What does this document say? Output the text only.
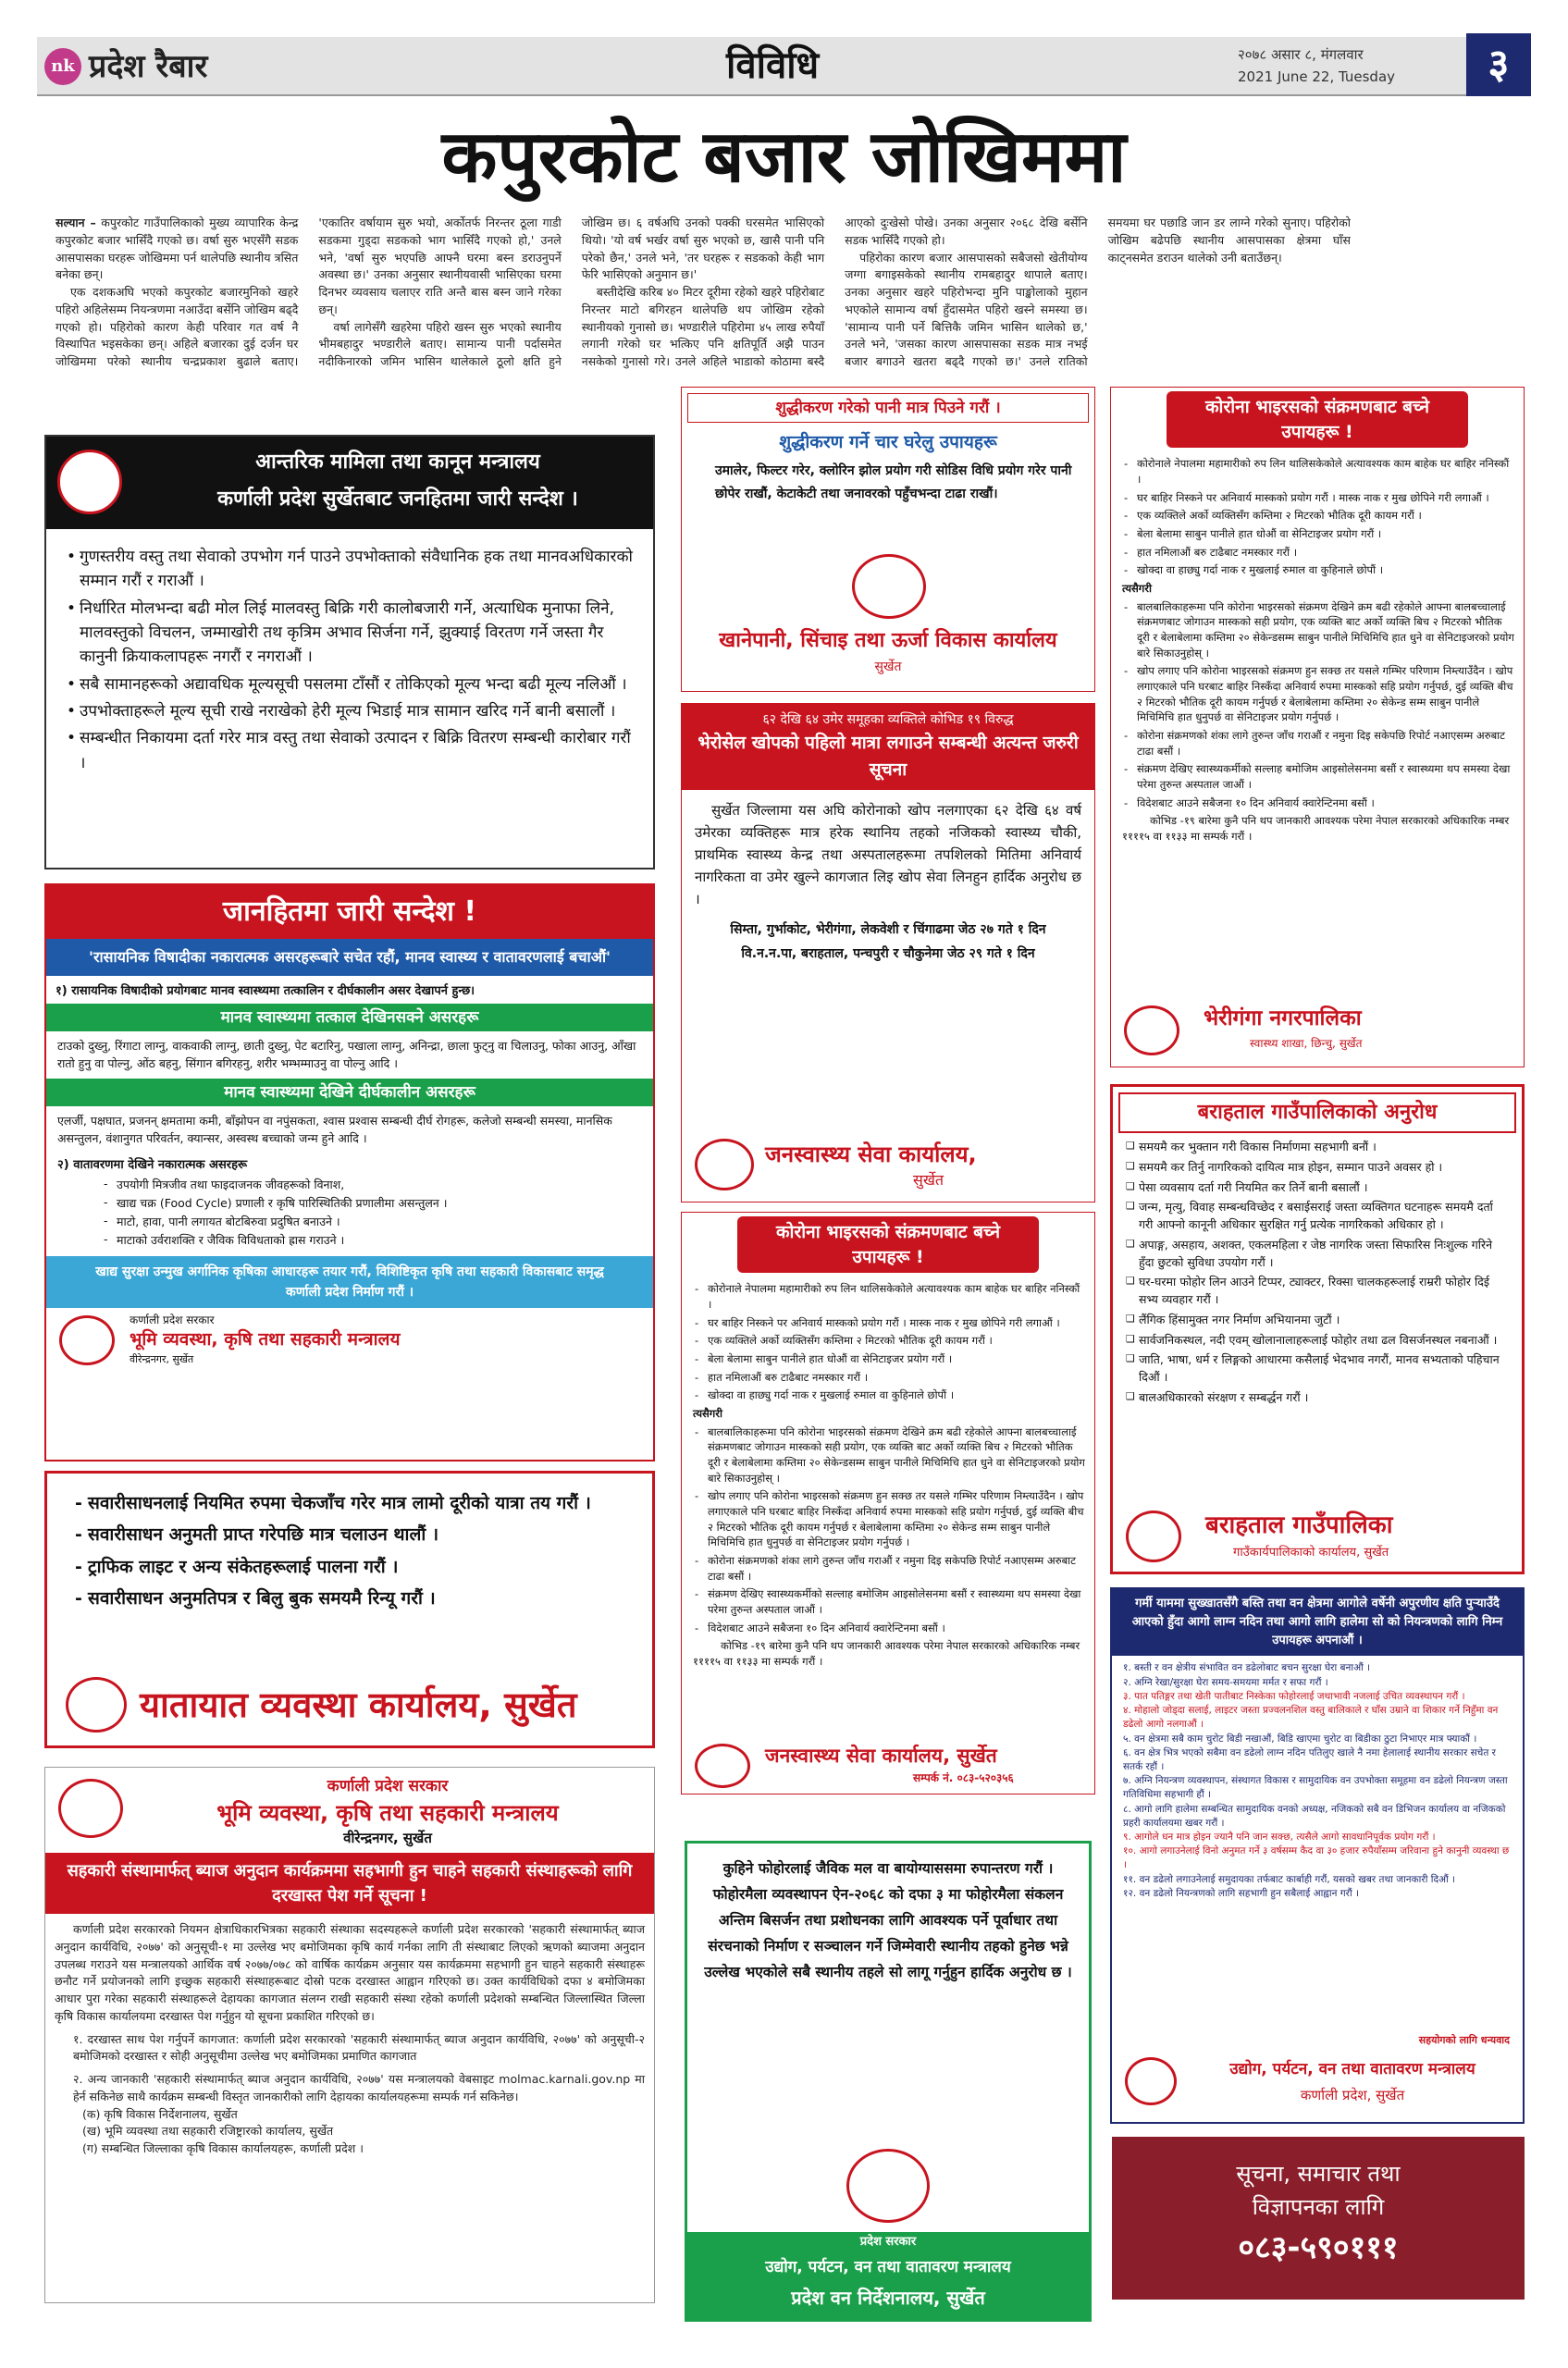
nk प्रदेश रैबार	विविधि	२०७८ असार ८, मंगलवार
2021 June 22, Tuesday	३
कपुरकोट बजार जोखिममा

सल्यान – कपुरकोट गाउँपालिकाको मुख्य व्यापारिक केन्द्र कपुरकोट बजार भासिँदै गएको छ। वर्षा सुरु भएसँगै सडक आसपासका घरहरू जोखिममा पर्न थालेपछि स्थानीय त्रसित बनेका छन्।

एक दशकअघि भएको कपुरकोट बजारमुनिको खहरे पहिरो अहिलेसम्म नियन्त्रणमा नआउँदा बर्सेनि जोखिम बढ्दै गएको हो। पहिरोको कारण केही परिवार गत वर्ष नै विस्थापित भइसकेका छन्। अहिले बजारका दुई दर्जन घर जोखिममा परेको स्थानीय चन्द्रप्रकाश बुढाले बताए। 'एकातिर वर्षायाम सुरु भयो, अर्कोतर्फ निरन्तर ठूला गाडी सडकमा गुड्दा सडकको भाग भासिँदै गएको हो,' उनले भने, 'वर्षा सुरु भएपछि आफ्नै घरमा बस्न डराउनुपर्ने अवस्था छ।' उनका अनुसार स्थानीयवासी भासिएका घरमा दिनभर व्यवसाय चलाएर राति अन्तै बास बस्न जाने गरेका छन्।

वर्षा लागेसँगै खहरेमा पहिरो खस्न सुरु भएको स्थानीय भीमबहादुर भण्डारीले बताए। सामान्य पानी पर्दासमेत नदीकिनारको जमिन भासिन थालेकाले ठूलो क्षति हुने जोखिम छ। ६ वर्षअघि उनको पक्की घरसमेत भासिएको थियो। 'यो वर्ष भर्खर वर्षा सुरु भएको छ, खासै पानी पनि परेको छैन,' उनले भने, 'तर घरहरू र सडकको केही भाग फेरि भासिएको अनुमान छ।'

बस्तीदेखि करिब ४० मिटर दूरीमा रहेको खहरे पहिरोबाट निरन्तर माटो बगिरहन थालेपछि थप जोखिम रहेको स्थानीयको गुनासो छ। भण्डारीले पहिरोमा ४५ लाख रुपैयाँ लगानी गरेको घर भत्किए पनि क्षतिपूर्ति अझै पाउन नसकेको गुनासो गरे। उनले अहिले भाडाको कोठामा बस्दै आएको दुःखेसो पोखे। उनका अनुसार २०६८ देखि बर्सेनि सडक भासिँदै गएको हो।

पहिरोका कारण बजार आसपासको सबैजसो खेतीयोग्य जग्गा बगाइसकेको स्थानीय रामबहादुर थापाले बताए। उनका अनुसार खहरे पहिरोभन्दा मुनि पाङ्खोलाको मुहान भएकोले सामान्य वर्षा हुँदासमेत पहिरो खस्ने समस्या छ। 'सामान्य पानी पर्ने बित्तिकै जमिन भासिन थालेको छ,' उनले भने, 'जसका कारण आसपासका सडक मात्र नभई बजार बगाउने खतरा बढ्दै गएको छ।' उनले रातिको समयमा घर पछाडि जान डर लाग्ने गरेको सुनाए। पहिरोको जोखिम बढेपछि स्थानीय आसपासका क्षेत्रमा घाँस काट्नसमेत डराउन थालेको उनी बताउँछन्।

आन्तरिक मामिला तथा कानून मन्त्रालय
कर्णाली प्रदेश सुर्खेतबाट जनहितमा जारी सन्देश ।
• गुणस्तरीय वस्तु तथा सेवाको उपभोग गर्न पाउने उपभोक्ताको संवैधानिक हक तथा मानवअधिकारको सम्मान गरौं र गराऔं ।
• निर्धारित मोलभन्दा बढी मोल लिई मालवस्तु बिक्रि गरी कालोबजारी गर्ने, अत्याधिक मुनाफा लिने, मालवस्तुको विचलन, जम्माखोरी तथ कृत्रिम अभाव सिर्जना गर्ने, झुक्याई विरतण गर्ने जस्ता गैर कानुनी क्रियाकलापहरू नगरौं र नगराऔं ।
• सबै सामानहरूको अद्यावधिक मूल्यसूची पसलमा टाँसौं र तोकिएको मूल्य भन्दा बढी मूल्य नलिऔं ।
• उपभोक्ताहरूले मूल्य सूची राखे नराखेको हेरी मूल्य भिडाई मात्र सामान खरिद गर्ने बानी बसालौं ।
• सम्बन्धीत निकायमा दर्ता गरेर मात्र वस्तु तथा सेवाको उत्पादन र बिक्रि वितरण सम्बन्धी कारोबार गरौं ।
जानहितमा जारी सन्देश !
'रासायनिक विषादीका नकारात्मक असरहरूबारे सचेत रहौं, मानव स्वास्थ्य र वातावरणलाई बचाऔं'
१) रासायनिक विषादीको प्रयोगबाट मानव स्वास्थ्यमा तत्कालिन र दीर्घकालीन असर देखापर्न हुन्छ।
मानव स्वास्थ्यमा तत्काल देखिनसक्ने असरहरू
टाउको दुख्नु, रिंगाटा लाग्नु, वाकवाकी लाग्नु, छाती दुख्नु, पेट बटारिनु, पखाला लाग्नु, अनिन्द्रा, छाला फुट्नु वा चिलाउनु, फोका आउनु, आँखा रातो हुनु वा पोल्नु, ओंठ बहनु, सिंगान बगिरहनु, शरीर भम्भम्माउनु वा पोल्नु आदि ।
मानव स्वास्थ्यमा देखिने दीर्घकालीन असरहरू
एलर्जी, पक्षघात, प्रजनन् क्षमतामा कमी, बाँझोपन वा नपुंसकता, श्वास प्रश्वास सम्बन्धी दीर्घ रोगहरू, कलेजो सम्बन्धी समस्या, मानसिक असन्तुलन, वंशानुगत परिवर्तन, क्यान्सर, अस्वस्थ बच्चाको जन्म हुने आदि ।
२) वातावरणमा देखिने नकारात्मक असरहरू
- उपयोगी मित्रजीव तथा फाइदाजनक जीवहरूको विनाश,
- खाद्य चक्र (Food Cycle) प्रणाली र कृषि पारिस्थितिकी प्रणालीमा असन्तुलन ।
- माटो, हावा, पानी लगायत बोटबिरुवा प्रदुषित बनाउने ।
- माटाको उर्वराशक्ति र जैविक विविधताको ह्रास गराउने ।
खाद्य सुरक्षा उन्मुख अर्गानिक कृषिका आधारहरू तयार गरौं, विशिष्टिकृत कृषि तथा सहकारी विकासबाट समृद्ध कर्णाली प्रदेश निर्माण गरौं ।
कर्णाली प्रदेश सरकार
भूमि व्यवस्था, कृषि तथा सहकारी मन्त्रालय
वीरेन्द्रनगर, सुर्खेत
- सवारीसाधनलाई नियमित रुपमा चेकजाँच गरेर मात्र लामो दूरीको यात्रा तय गरौं ।
- सवारीसाधन अनुमती प्राप्त गरेपछि मात्र चलाउन थालौं ।
- ट्राफिक लाइट र अन्य संकेतहरूलाई पालना गरौं ।
- सवारीसाधन अनुमतिपत्र र बिलु बुक समयमै रिन्यू गरौं ।
यातायात व्यवस्था कार्यालय, सुर्खेत
कर्णाली प्रदेश सरकार
भूमि व्यवस्था, कृषि तथा सहकारी मन्त्रालय
वीरेन्द्रनगर, सुर्खेत
सहकारी संस्थामार्फत् ब्याज अनुदान कार्यक्रममा सहभागी हुन चाहने सहकारी संस्थाहरूको लागि दरखास्त पेश गर्ने सूचना !

कर्णाली प्रदेश सरकारको नियमन क्षेत्राधिकारभित्रका सहकारी संस्थाका सदस्यहरूले कर्णाली प्रदेश सरकारको 'सहकारी संस्थामार्फत् ब्याज अनुदान कार्यविधि, २०७७' को अनुसूची-१ मा उल्लेख भए बमोजिमका कृषि कार्य गर्नका लागि ती संस्थाबाट लिएको ऋणको ब्याजमा अनुदान उपलब्ध गराउने यस मन्त्रालयको आर्थिक वर्ष २०७७/०७८ को वार्षिक कार्यक्रम अनुसार यस कार्यक्रममा सहभागी हुन चाहने सहकारी संस्थाहरू छनौट गर्ने प्रयोजनको लागि इच्छुक सहकारी संस्थाहरूबाट दोस्रो पटक दरखास्त आह्वान गरिएको छ। उक्त कार्यविधिको दफा ४ बमोजिमका आधार पुरा गरेका सहकारी संस्थाहरूले देहायका कागजात संलग्न राखी सहकारी संस्था रहेको कर्णाली प्रदेशको सम्बन्धित जिल्लास्थित जिल्ला कृषि विकास कार्यालयमा दरखास्त पेश गर्नुहुन यो सूचना प्रकाशित गरिएको छ।

१. दरखास्त साथ पेश गर्नुपर्ने कागजात: कर्णाली प्रदेश सरकारको 'सहकारी संस्थामार्फत् ब्याज अनुदान कार्यविधि, २०७७' को अनुसूची-२ बमोजिमको दरखास्त र सोही अनुसूचीमा उल्लेख भए बमोजिमका प्रमाणित कागजात

२. अन्य जानकारी 'सहकारी संस्थामार्फत् ब्याज अनुदान कार्यविधि, २०७७' यस मन्त्रालयको वेबसाइट molmac.karnali.gov.np मा हेर्न सकिनेछ साथै कार्यक्रम सम्बन्धी विस्तृत जानकारीको लागि देहायका कार्यालयहरूमा सम्पर्क गर्न सकिनेछ।

(क) कृषि विकास निर्देशनालय, सुर्खेत

(ख) भूमि व्यवस्था तथा सहकारी रजिष्ट्रारको कार्यालय, सुर्खेत

(ग) सम्बन्धित जिल्लाका कृषि विकास कार्यालयहरू, कर्णाली प्रदेश ।

शुद्धीकरण गरेको पानी मात्र पिउने गरौं ।
शुद्धीकरण गर्ने चार घरेलु उपायहरू
उमालेर, फिल्टर गरेर, क्लोरिन झोल प्रयोग गरी सोडिस विधि प्रयोग गरेर पानी छोपेर राखौं, केटाकेटी तथा जनावरको पहुँचभन्दा टाढा राखौं।
खानेपानी, सिंचाइ तथा ऊर्जा विकास कार्यालय
सुर्खेत
६२ देखि ६४ उमेर समूहका व्यक्तिले कोभिड १९ विरुद्ध
भेरोसेल खोपको पहिलो मात्रा लगाउने सम्बन्धी अत्यन्त जरुरी सूचना
सुर्खेत जिल्लामा यस अघि कोरोनाको खोप नलगाएका ६२ देखि ६४ वर्ष उमेरका व्यक्तिहरू मात्र हरेक स्थानिय तहको नजिकको स्वास्थ्य चौकी, प्राथमिक स्वास्थ्य केन्द्र तथा अस्पतालहरूमा तपशिलको मितिमा अनिवार्य नागरिकता वा उमेर खुल्ने कागजात लिइ खोप सेवा लिनहुन हार्दिक अनुरोध छ ।
सिम्ता, गुर्भाकोट, भेरीगंगा, लेकवेशी र चिंगाढमा जेठ २७ गते १ दिन
वि.न.न.पा, बराहताल, पन्चपुरी र चौकुनेमा जेठ २९ गते १ दिन
जनस्वास्थ्य सेवा कार्यालय,
सुर्खेत
कोरोना भाइरसको संक्रमणबाट बच्ने उपायहरू !
- कोरोनाले नेपालमा महामारीको रुप लिन थालिसकेकोले अत्यावश्यक काम बाहेक घर बाहिर ननिस्कौं ।
- घर बाहिर निस्कने पर अनिवार्य मास्कको प्रयोग गरौं । मास्क नाक र मुख छोपिने गरी लगाऔं ।
- एक व्यक्तिले अर्को व्यक्तिसँग कम्तिमा २ मिटरको भौतिक दूरी कायम गरौं ।
- बेला बेलामा साबुन पानीले हात धोऔं वा सेनिटाइजर प्रयोग गरौं ।
- हात नमिलाऔं बरु टाढैबाट नमस्कार गरौं ।
- खोक्दा वा हाछ्यु गर्दा नाक र मुखलाई रुमाल वा कुहिनाले छोपौं ।
त्यसैगरी
- बालबालिकाहरूमा पनि कोरोना भाइरसको संक्रमण देखिने क्रम बढी रहेकोले आफ्ना बालबच्चालाई संक्रमणबाट जोगाउन मास्कको सही प्रयोग, एक व्यक्ति बाट अर्को व्यक्ति बिच २ मिटरको भौतिक दूरी र बेलाबेलामा कम्तिमा २० सेकेन्डसम्म साबुन पानीले मिचिमिचि हात धुने वा सेनिटाइजरको प्रयोग बारे सिकाउनुहोस् ।
- खोप लगाए पनि कोरोना भाइरसको संक्रमण हुन सक्छ तर यसले गम्भिर परिणाम निम्त्याउँदैन । खोप लगाएकाले पनि घरबाट बाहिर निस्कँदा अनिवार्य रुपमा मास्कको सहि प्रयोग गर्नुपर्छ, दुई व्यक्ति बीच २ मिटरको भौतिक दूरी कायम गर्नुपर्छ र बेलाबेलामा कम्तिमा २० सेकेन्ड सम्म साबुन पानीले मिचिमिचि हात धुनुपर्छ वा सेनिटाइजर प्रयोग गर्नुपर्छ ।
- कोरोना संक्रमणको शंका लागे तुरुन्त जाँच गराऔं र नमुना दिइ सकेपछि रिपोर्ट नआएसम्म अरुबाट टाढा बसौं ।
- संक्रमण देखिए स्वास्थ्यकर्मीको सल्लाह बमोजिम आइसोलेसनमा बसौं र स्वास्थ्यमा थप समस्या देखा परेमा तुरुन्त अस्पताल जाऔं ।
- विदेशबाट आउने सबैजना १० दिन अनिवार्य क्वारेन्टिनमा बसौं ।
कोभिड -१९ बारेमा कुनै पनि थप जानकारी आवश्यक परेमा नेपाल सरकारको अधिकारिक नम्बर ११११५ वा ११३३ मा सम्पर्क गरौं ।
जनस्वास्थ्य सेवा कार्यालय, सुर्खेत
सम्पर्क नं. ०८३-५२०३५६
कुहिने फोहोरलाई जैविक मल वा बायोग्याससमा रुपान्तरण गरौं । फोहोरमैला व्यवस्थापन ऐन-२०६८ को दफा ३ मा फोहोरमैला संकलन अन्तिम बिसर्जन तथा प्रशोधनका लागि आवश्यक पर्ने पूर्वाधार तथा संरचनाको निर्माण र सञ्चालन गर्ने जिम्मेवारी स्थानीय तहको हुनेछ भन्ने उल्लेख भएकोले सबै स्थानीय तहले सो लागू गर्नुहुन हार्दिक अनुरोध छ ।
प्रदेश सरकार
उद्योग, पर्यटन, वन तथा वातावरण मन्त्रालय
प्रदेश वन निर्देशनालय, सुर्खेत
कोरोना भाइरसको संक्रमणबाट बच्ने उपायहरू !
- कोरोनाले नेपालमा महामारीको रुप लिन थालिसकेकोले अत्यावश्यक काम बाहेक घर बाहिर ननिस्कौं ।
- घर बाहिर निस्कने पर अनिवार्य मास्कको प्रयोग गरौं । मास्क नाक र मुख छोपिने गरी लगाऔं ।
- एक व्यक्तिले अर्को व्यक्तिसँग कम्तिमा २ मिटरको भौतिक दूरी कायम गरौं ।
- बेला बेलामा साबुन पानीले हात धोऔं वा सेनिटाइजर प्रयोग गरौं ।
- हात नमिलाऔं बरु टाढैबाट नमस्कार गरौं ।
- खोक्दा वा हाछ्यु गर्दा नाक र मुखलाई रुमाल वा कुहिनाले छोपौं ।
त्यसैगरी
- बालबालिकाहरूमा पनि कोरोना भाइरसको संक्रमण देखिने क्रम बढी रहेकोले आफ्ना बालबच्चालाई संक्रमणबाट जोगाउन मास्कको सही प्रयोग, एक व्यक्ति बाट अर्को व्यक्ति बिच २ मिटरको भौतिक दूरी र बेलाबेलामा कम्तिमा २० सेकेन्डसम्म साबुन पानीले मिचिमिचि हात धुने वा सेनिटाइजरको प्रयोग बारे सिकाउनुहोस् ।
- खोप लगाए पनि कोरोना भाइरसको संक्रमण हुन सक्छ तर यसले गम्भिर परिणाम निम्त्याउँदैन । खोप लगाएकाले पनि घरबाट बाहिर निस्कँदा अनिवार्य रुपमा मास्कको सहि प्रयोग गर्नुपर्छ, दुई व्यक्ति बीच २ मिटरको भौतिक दूरी कायम गर्नुपर्छ र बेलाबेलामा कम्तिमा २० सेकेन्ड सम्म साबुन पानीले मिचिमिचि हात धुनुपर्छ वा सेनिटाइजर प्रयोग गर्नुपर्छ ।
- कोरोना संक्रमणको शंका लागे तुरुन्त जाँच गराऔं र नमुना दिइ सकेपछि रिपोर्ट नआएसम्म अरुबाट टाढा बसौं ।
- संक्रमण देखिए स्वास्थ्यकर्मीको सल्लाह बमोजिम आइसोलेसनमा बसौं र स्वास्थ्यमा थप समस्या देखा परेमा तुरुन्त अस्पताल जाऔं ।
- विदेशबाट आउने सबैजना १० दिन अनिवार्य क्वारेन्टिनमा बसौं ।
कोभिड -१९ बारेमा कुनै पनि थप जानकारी आवश्यक परेमा नेपाल सरकारको अधिकारिक नम्बर ११११५ वा ११३३ मा सम्पर्क गरौं ।
भेरीगंगा नगरपालिका
स्वास्थ्य शाखा, छिन्चु, सुर्खेत
बराहताल गाउँपालिकाको अनुरोध
❑ समयमै कर भुक्तान गरी विकास निर्माणमा सहभागी बनौं ।
❑ समयमै कर तिर्नु नागरिकको दायित्व मात्र होइन, सम्मान पाउने अवसर हो ।
❑ पेसा व्यवसाय दर्ता गरी नियमित कर तिर्ने बानी बसालौं ।
❑ जन्म, मृत्यु, विवाह सम्बन्धविच्छेद र बसाईसराई जस्ता व्यक्तिगत घटनाहरू समयमै दर्ता गरी आफ्नो कानूनी अधिकार सुरक्षित गर्नु प्रत्येक नागरिकको अधिकार हो ।
❑ अपाङ्ग, असहाय, अशक्त, एकलमहिला र जेष्ठ नागरिक जस्ता सिफारिस निःशुल्क गरिने हुँदा छुटको सुविधा उपयोग गरौं ।
❑ घर-घरमा फोहोर लिन आउने टिप्पर, ट्याक्टर, रिक्सा चालकहरूलाई राम्ररी फोहोर दिई सभ्य व्यवहार गरौं ।
❑ लैंगिक हिंसामुक्त नगर निर्माण अभियानमा जुटौं ।
❑ सार्वजनिकस्थल, नदी एवम् खोलानालाहरूलाई फोहोर तथा ढल विसर्जनस्थल नबनाऔं ।
❑ जाति, भाषा, धर्म र लिङ्गको आधारमा कसैलाई भेदभाव नगरौं, मानव सभ्यताको पहिचान दिऔं ।
❑ बालअधिकारको संरक्षण र सम्बर्द्धन गरौं ।
बराहताल गाउँपालिका
गाउँकार्यपालिकाको कार्यालय, सुर्खेत
गर्मी याममा सुख्खातसँगै बस्ति तथा वन क्षेत्रमा आगोले वर्षेनी अपुरणीय क्षति पुऱ्याउँदै आएको हुँदा आगो लाग्न नदिन तथा आगो लागि हालेमा सो को नियन्त्रणको लागि निम्न उपायहरू अपनाऔं ।
१. बस्ती र वन क्षेत्रीय संभावित वन डढेलोबाट बचन सुरक्षा घेरा बनाऔं ।
२. अग्नि रेखा/सुरक्षा घेरा समय-समयमा मर्मत र सफा गरौं ।
३. पात पतिङ्गर तथा खेती पातीबाट निस्केका फोहोरलाई जथाभावी नजलाई उचित व्यवस्थापन गरौं ।
४. मोहालो जोड्दा सलाई, लाइटर जस्ता प्रज्वलनशिल वस्तु बालिकाले र घाँस उम्राने वा शिकार गर्ने निहुँमा वन डढेलो आगो नलगाऔं ।
५. वन क्षेत्रमा सबै काम चुरोट बिडी नखाऔं, बिडि खाएमा चुरोट वा बिडीका ठुटा निभाएर मात्र फ्याकौं ।
६. वन क्षेत्र भित्र भएको सबैमा वन डढेलो लाग्न नदिन पतिलुए खाले नै नमा हेलालाई स्थानीय सरकार सचेत र सतर्क रहौं ।
७. अग्नि नियन्त्रण व्यवस्थापन, संस्थागत विकास र सामुदायिक वन उपभोक्ता समूहमा वन डढेलो नियन्त्रण जस्ता गतिविधिमा सहभागी हौं ।
८. आगो लागि हालेमा सम्बन्धित सामुदायिक वनको अध्यक्ष, नजिकको सबै वन डिभिजन कार्यालय वा नजिकको प्रहरी कार्यालयमा खबर गरौं ।
९. आगोले धन मात्र होइन ज्यानै पनि जान सक्छ, त्यसैले आगो सावधानिपूर्वक प्रयोग गरौं ।
१०. आगो लगाउनेलाई विनो अनुमत गर्ने ३ वर्षसम्म कैद वा ३० हजार रुपैयाँसम्म जरिवाना हुने कानुनी व्यवस्था छ ।
११. वन डढेलो लगाउनेलाई समुदायका तर्फबाट कार्बाही गरौं, यसको खबर तथा जानकारी दिऔं ।
१२. वन डढेलो नियन्त्रणको लागि सहभागी हुन सबैलाई आह्वान गरौं ।
सहयोगको लागि धन्यवाद
उद्योग, पर्यटन, वन तथा वातावरण मन्त्रालय
कर्णाली प्रदेश, सुर्खेत
सूचना, समाचार तथा
विज्ञापनका लागि
०८३-५९०१११
